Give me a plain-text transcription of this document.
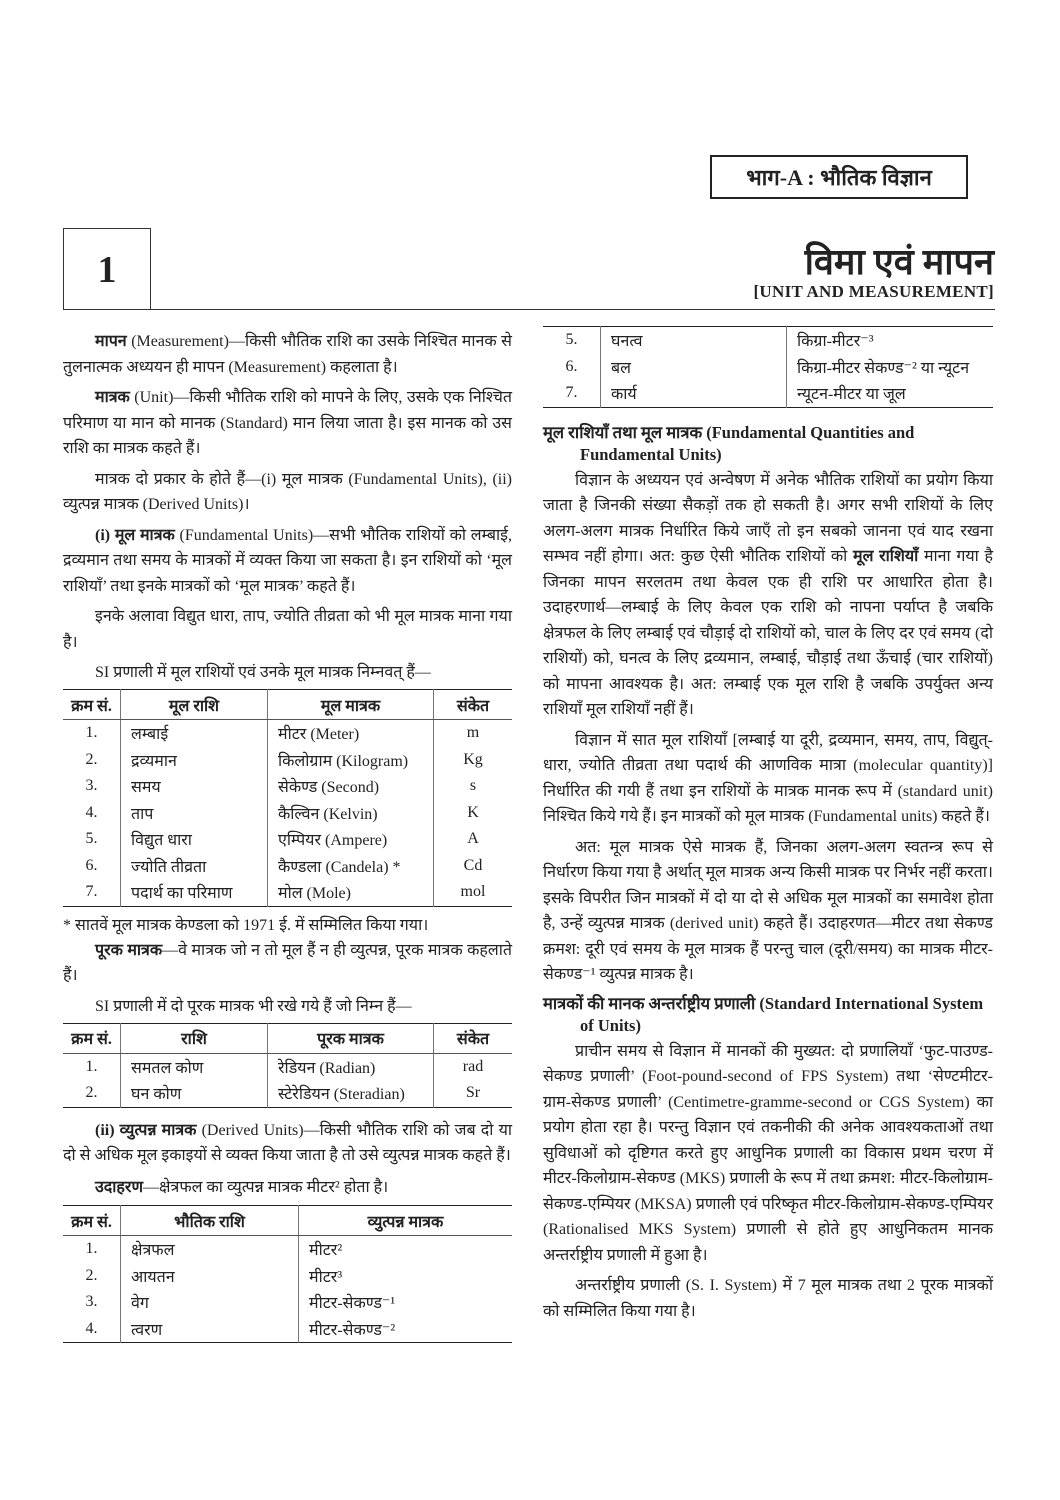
भाग-A : भौतिक विज्ञान
1	विमा एवं मापन
[UNIT AND MEASUREMENT]

मापन (Measurement)—किसी भौतिक राशि का उसके निश्चित मानक से तुलनात्मक अध्ययन ही मापन (Measurement) कहलाता है।

मात्रक (Unit)—किसी भौतिक राशि को मापने के लिए, उसके एक निश्चित परिमाण या मान को मानक (Standard) मान लिया जाता है। इस मानक को उस राशि का मात्रक कहते हैं।

मात्रक दो प्रकार के होते हैं—(i) मूल मात्रक (Fundamental Units), (ii) व्युत्पन्न मात्रक (Derived Units)।

(i) मूल मात्रक (Fundamental Units)—सभी भौतिक राशियों को लम्बाई, द्रव्यमान तथा समय के मात्रकों में व्यक्त किया जा सकता है। इन राशियों को ‘मूल राशियाँ’ तथा इनके मात्रकों को ‘मूल मात्रक’ कहते हैं।

इनके अलावा विद्युत धारा, ताप, ज्योति तीव्रता को भी मूल मात्रक माना गया है।

SI प्रणाली में मूल राशियों एवं उनके मूल मात्रक निम्नवत् हैं—
क्रम सं.	मूल राशि	मूल मात्रक	संकेत
1.	लम्बाई	मीटर (Meter)	m
2.	द्रव्यमान	किलोग्राम (Kilogram)	Kg
3.	समय	सेकेण्ड (Second)	s
4.	ताप	कैल्विन (Kelvin)	K
5.	विद्युत धारा	एम्पियर (Ampere)	A
6.	ज्योति तीव्रता	कैण्डला (Candela) *	Cd
7.	पदार्थ का परिमाण	मोल (Mole)	mol
* सातवें मूल मात्रक केण्डला को 1971 ई. में सम्मिलित किया गया।

पूरक मात्रक—वे मात्रक जो न तो मूल हैं न ही व्युत्पन्न, पूरक मात्रक कहलाते हैं।

SI प्रणाली में दो पूरक मात्रक भी रखे गये हैं जो निम्न हैं—
क्रम सं.	राशि	पूरक मात्रक	संकेत
1.	समतल कोण	रेडियन (Radian)	rad
2.	घन कोण	स्टेरेडियन (Steradian)	Sr

(ii) व्युत्पन्न मात्रक (Derived Units)—किसी भौतिक राशि को जब दो या दो से अधिक मूल इकाइयों से व्यक्त किया जाता है तो उसे व्युत्पन्न मात्रक कहते हैं।

उदाहरण—क्षेत्रफल का व्युत्पन्न मात्रक मीटर² होता है।

क्रम सं.	भौतिक राशि	व्युत्पन्न मात्रक
1.	क्षेत्रफल	मीटर²
2.	आयतन	मीटर³
3.	वेग	मीटर-सेकण्ड⁻¹
4.	त्वरण	मीटर-सेकण्ड⁻²
5.	घनत्व	किग्रा-मीटर⁻³
6.	बल	किग्रा-मीटर सेकण्ड⁻² या न्यूटन
7.	कार्य	न्यूटन-मीटर या जूल
मूल राशियाँ तथा मूल मात्रक (Fundamental Quantities and Fundamental Units)

विज्ञान के अध्ययन एवं अन्वेषण में अनेक भौतिक राशियों का प्रयोग किया जाता है जिनकी संख्या सैकड़ों तक हो सकती है। अगर सभी राशियों के लिए अलग-अलग मात्रक निर्धारित किये जाएँ तो इन सबको जानना एवं याद रखना सम्भव नहीं होगा। अत: कुछ ऐसी भौतिक राशियों को मूल राशियाँ माना गया है जिनका मापन सरलतम तथा केवल एक ही राशि पर आधारित होता है। उदाहरणार्थ—लम्बाई के लिए केवल एक राशि को नापना पर्याप्त है जबकि क्षेत्रफल के लिए लम्बाई एवं चौड़ाई दो राशियों को, चाल के लिए दर एवं समय (दो राशियों) को, घनत्व के लिए द्रव्यमान, लम्बाई, चौड़ाई तथा ऊँचाई (चार राशियों) को मापना आवश्यक है। अत: लम्बाई एक मूल राशि है जबकि उपर्युक्त अन्य राशियाँ मूल राशियाँ नहीं हैं।

विज्ञान में सात मूल राशियाँ [लम्बाई या दूरी, द्रव्यमान, समय, ताप, विद्युत्-धारा, ज्योति तीव्रता तथा पदार्थ की आणविक मात्रा (molecular quantity)] निर्धारित की गयी हैं तथा इन राशियों के मात्रक मानक रूप में (standard unit) निश्चित किये गये हैं। इन मात्रकों को मूल मात्रक (Fundamental units) कहते हैं।

अत: मूल मात्रक ऐसे मात्रक हैं, जिनका अलग-अलग स्वतन्त्र रूप से निर्धारण किया गया है अर्थात् मूल मात्रक अन्य किसी मात्रक पर निर्भर नहीं करता। इसके विपरीत जिन मात्रकों में दो या दो से अधिक मूल मात्रकों का समावेश होता है, उन्हें व्युत्पन्न मात्रक (derived unit) कहते हैं। उदाहरणत—मीटर तथा सेकण्ड क्रमश: दूरी एवं समय के मूल मात्रक हैं परन्तु चाल (दूरी/समय) का मात्रक मीटर-सेकण्ड⁻¹ व्युत्पन्न मात्रक है।

मात्रकों की मानक अन्तर्राष्ट्रीय प्रणाली (Standard International System of Units)

प्राचीन समय से विज्ञान में मानकों की मुख्यत: दो प्रणालियाँ ‘फुट-पाउण्ड-सेकण्ड प्रणाली’ (Foot-pound-second of FPS System) तथा ‘सेण्टमीटर-ग्राम-सेकण्ड प्रणाली’ (Centimetre-gramme-second or CGS System) का प्रयोग होता रहा है। परन्तु विज्ञान एवं तकनीकी की अनेक आवश्यकताओं तथा सुविधाओं को दृष्टिगत करते हुए आधुनिक प्रणाली का विकास प्रथम चरण में मीटर-किलोग्राम-सेकण्ड (MKS) प्रणाली के रूप में तथा क्रमश: मीटर-किलोग्राम-सेकण्ड-एम्पियर (MKSA) प्रणाली एवं परिष्कृत मीटर-किलोग्राम-सेकण्ड-एम्पियर (Rationalised MKS System) प्रणाली से होते हुए आधुनिकतम मानक अन्तर्राष्ट्रीय प्रणाली में हुआ है।

अन्तर्राष्ट्रीय प्रणाली (S. I. System) में 7 मूल मात्रक तथा 2 पूरक मात्रकों को सम्मिलित किया गया है।
